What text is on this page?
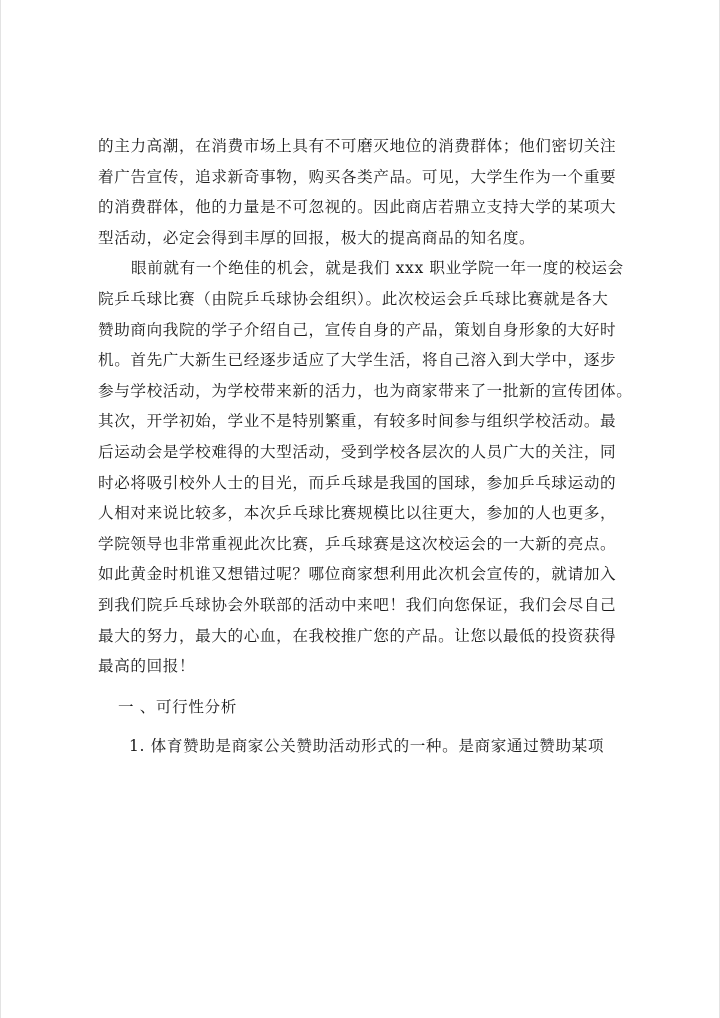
的主力高潮，在消费市场上具有不可磨灭地位的消费群体；他们密切关注
着广告宣传，追求新奇事物，购买各类产品。可见，大学生作为一个重要
的消费群体，他的力量是不可忽视的。因此商店若鼎立支持大学的某项大
型活动，必定会得到丰厚的回报，极大的提高商品的知名度。
眼前就有一个绝佳的机会，就是我们 xxx 职业学院一年一度的校运会
院乒乓球比赛（由院乒乓球协会组织）。此次校运会乒乓球比赛就是各大
赞助商向我院的学子介绍自己，宣传自身的产品，策划自身形象的大好时
机。首先广大新生已经逐步适应了大学生活，将自己溶入到大学中，逐步
参与学校活动，为学校带来新的活力，也为商家带来了一批新的宣传团体。
其次，开学初始，学业不是特别繁重，有较多时间参与组织学校活动。最
后运动会是学校难得的大型活动，受到学校各层次的人员广大的关注，同
时必将吸引校外人士的目光，而乒乓球是我国的国球，参加乒乓球运动的
人相对来说比较多，本次乒乓球比赛规模比以往更大，参加的人也更多，
学院领导也非常重视此次比赛，乒乓球赛是这次校运会的一大新的亮点。
如此黄金时机谁又想错过呢？哪位商家想利用此次机会宣传的，就请加入
到我们院乒乓球协会外联部的活动中来吧！我们向您保证，我们会尽自己
最大的努力，最大的心血，在我校推广您的产品。让您以最低的投资获得
最高的回报！
一 、可行性分析
1. 体育赞助是商家公关赞助活动形式的一种。是商家通过赞助某项
